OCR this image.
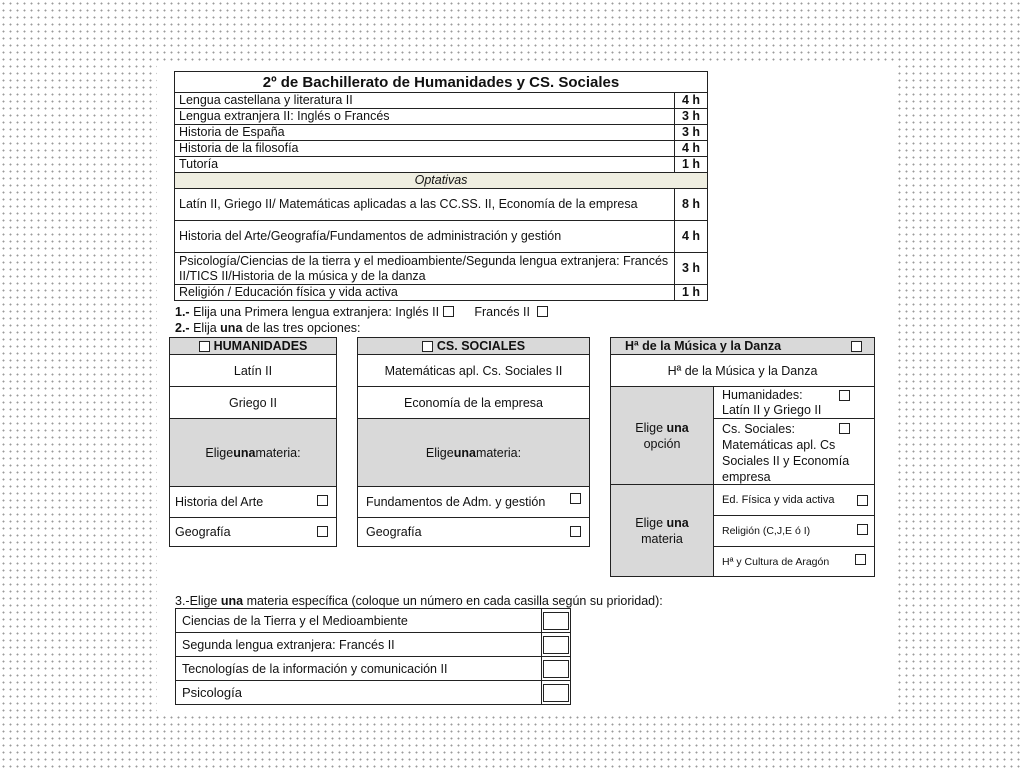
2º de Bachillerato de Humanidades y CS. Sociales	
Lengua castellana y literatura II	4 h
Lengua extranjera II: Inglés o Francés	3 h
Historia de España	3 h
Historia de la filosofía	4 h
Tutoría	1 h
Optativas	
Latín II, Griego II/ Matemáticas aplicadas a las CC.SS. II, Economía de la empresa	8 h
Historia del Arte/Geografía/Fundamentos de administración y gestión	4 h
Psicología/Ciencias de la tierra y el medioambiente/Segunda lengua extranjera: Francés II/TICS II/Historia de la música y de la danza	3 h
Religión / Educación física y vida activa	1 h
1.- Elija una Primera lengua extranjera: Inglés II	Francés II
2.- Elija una de las tres opciones:
HUMANIDADES
Latín II
Griego II
Elige una materia:
Historia del Arte
Geografía
CS. SOCIALES
Matemáticas apl. Cs. Sociales II
Economía de la empresa
Elige una materia:
Fundamentos de Adm. y gestión
Geografía
Hª de la Música y la Danza
Hª de la Música y la Danza
Elige una
opción
Humanidades:
Latín II y Griego II
Cs. Sociales:

Matemáticas apl. Cs Sociales II y Economía empresa
Elige una
materia
Ed. Física y vida activa
Religión (C,J,E ó I)
Hª y Cultura de Aragón
3.-Elige una materia específica (coloque un número en cada casilla según su prioridad):
Ciencias de la Tierra y el Medioambiente	

Segunda lengua extranjera: Francés II	

Tecnologías de la información y comunicación II	

Psicología	
